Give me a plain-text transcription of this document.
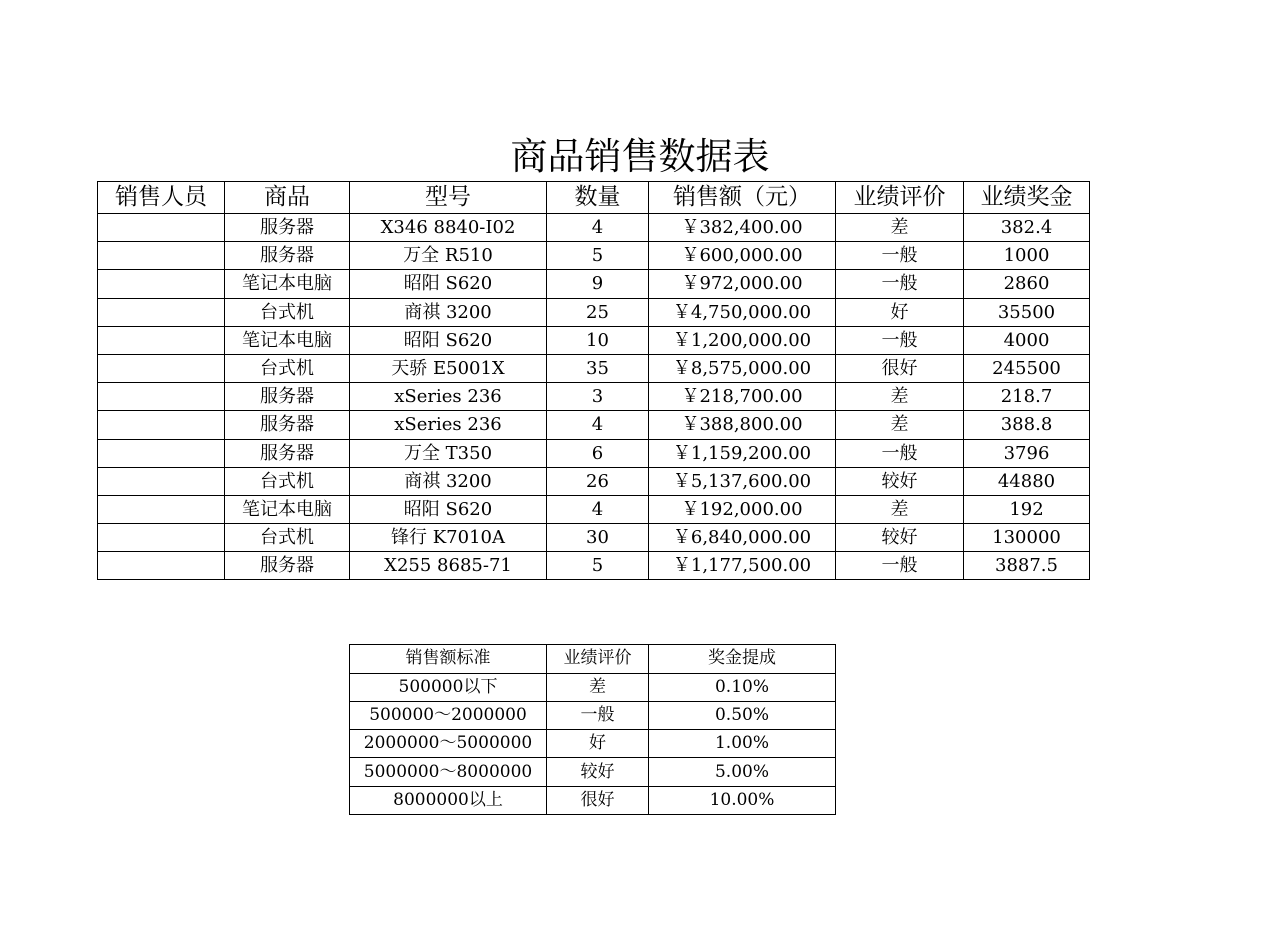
商品销售数据表
销售人员	商品	型号	数量	销售额（元）	业绩评价	业绩奖金
	服务器	X346 8840-I02	4	￥382,400.00	差	382.4
	服务器	万全 R510	5	￥600,000.00	一般	1000
	笔记本电脑	昭阳 S620	9	￥972,000.00	一般	2860
	台式机	商祺 3200	25	￥4,750,000.00	好	35500
	笔记本电脑	昭阳 S620	10	￥1,200,000.00	一般	4000
	台式机	天骄 E5001X	35	￥8,575,000.00	很好	245500
	服务器	xSeries 236	3	￥218,700.00	差	218.7
	服务器	xSeries 236	4	￥388,800.00	差	388.8
	服务器	万全 T350	6	￥1,159,200.00	一般	3796
	台式机	商祺 3200	26	￥5,137,600.00	较好	44880
	笔记本电脑	昭阳 S620	4	￥192,000.00	差	192
	台式机	锋行 K7010A	30	￥6,840,000.00	较好	130000
	服务器	X255 8685-71	5	￥1,177,500.00	一般	3887.5
销售额标准	业绩评价	奖金提成
500000以下	差	0.10%
500000～2000000	一般	0.50%
2000000～5000000	好	1.00%
5000000～8000000	较好	5.00%
8000000以上	很好	10.00%
